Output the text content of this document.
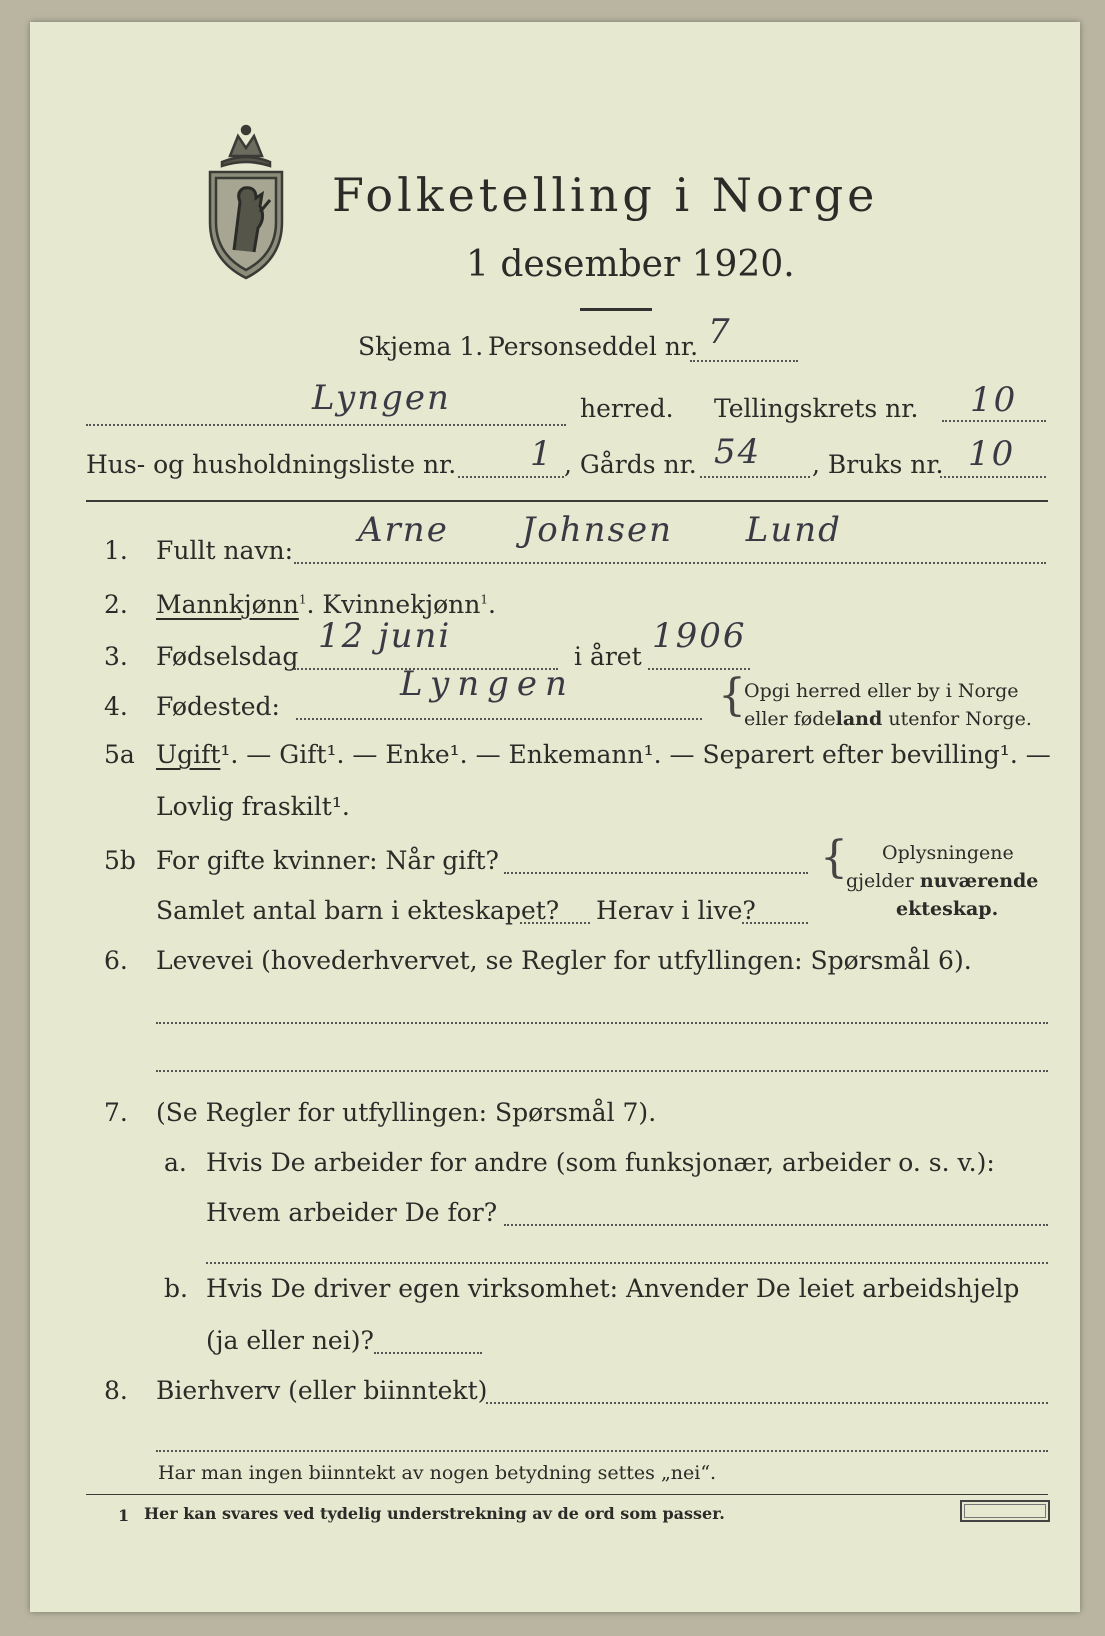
Folketelling i Norge
1 desember 1920.
Skjema 1. Personseddel nr. 7
Lyngen	herred. Tellingskrets nr. 10
Hus- og husholdningsliste nr. 1 , Gårds nr. 54 , Bruks nr. 10
1. Fullt navn:
Arne Johnsen Lund
2. Mannkjønn$^1$. Kvinnekjønn$^1$.
3. Fødselsdag
12 juni
i året
1906
4. Fødested:
Lyngen	{
Opgi herred eller by i Norge
eller fødeland utenfor Norge.
5a Ugift¹. — Gift¹. — Enke¹. — Enkemann¹. — Separert efter bevilling¹. —
Lovlig fraskilt¹.
5b For gifte kvinner: Når gift?
Samlet antal barn i ekteskapet? Herav i live?
{ Oplysningene
gjelder nuværende
ekteskap.
6. Levevei (hovederhvervet, se Regler for utfyllingen: Spørsmål 6).
7. (Se Regler for utfyllingen: Spørsmål 7).
a. Hvis De arbeider for andre (som funksjonær, arbeider o. s. v.):
Hvem arbeider De for?
b. Hvis De driver egen virksomhet: Anvender De leiet arbeidshjelp
(ja eller nei)?
8. Bierhverv (eller biinntekt)
Har man ingen biinntekt av nogen betydning settes „nei“.
1 Her kan svares ved tydelig understrekning av de ord som passer.
